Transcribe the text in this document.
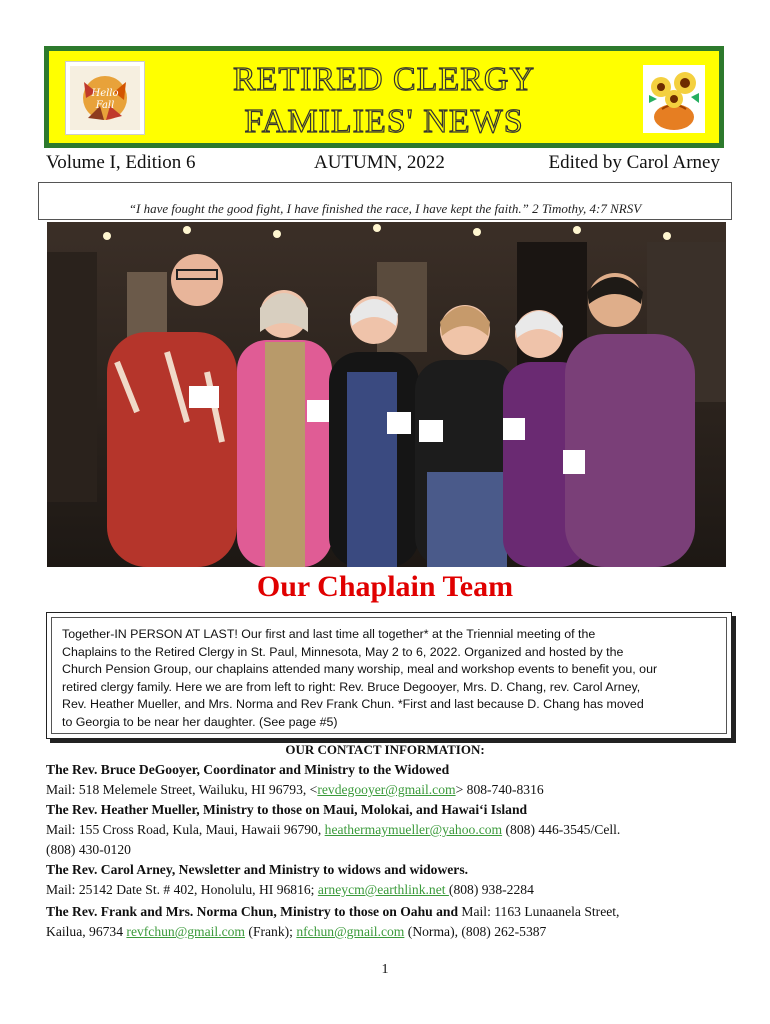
Hello
Fall
RETIRED CLERGY
FAMILIES' NEWS
Volume I, Edition 6	AUTUMN, 2022	Edited by Carol Arney
“I have fought the good fight, I have finished the race, I have kept the faith.” 2 Timothy, 4:7 NRSV
Our Chaplain Team
Together-IN PERSON AT LAST! Our first and last time all together* at the Triennial meeting of the
Chaplains to the Retired Clergy in St. Paul, Minnesota, May 2 to 6, 2022. Organized and hosted by the
Church Pension Group, our chaplains attended many worship, meal and workshop events to benefit you, our
retired clergy family. Here we are from left to right: Rev. Bruce Degooyer, Mrs. D. Chang, rev. Carol Arney,
Rev. Heather Mueller, and Mrs. Norma and Rev Frank Chun. *First and last because D. Chang has moved
to Georgia to be near her daughter. (See page #5)
OUR CONTACT INFORMATION:
The Rev. Bruce DeGooyer, Coordinator and Ministry to the Widowed
Mail: 518 Melemele Street, Wailuku, HI 96793, <revdegooyer@gmail.com> 808-740-8316
The Rev. Heather Mueller, Ministry to those on Maui, Molokai, and Hawai‘i Island
Mail: 155 Cross Road, Kula, Maui, Hawaii 96790, heathermaymueller@yahoo.com (808) 446-3545/Cell.
(808) 430-0120
The Rev. Carol Arney, Newsletter and Ministry to widows and widowers.
Mail: 25142 Date St. # 402, Honolulu, HI 96816; arneycm@earthlink.net (808) 938-2284
The Rev. Frank and Mrs. Norma Chun, Ministry to those on Oahu and Mail: 1163 Lunaanela Street,
Kailua, 96734 revfchun@gmail.com (Frank); nfchun@gmail.com (Norma), (808) 262-5387
1
